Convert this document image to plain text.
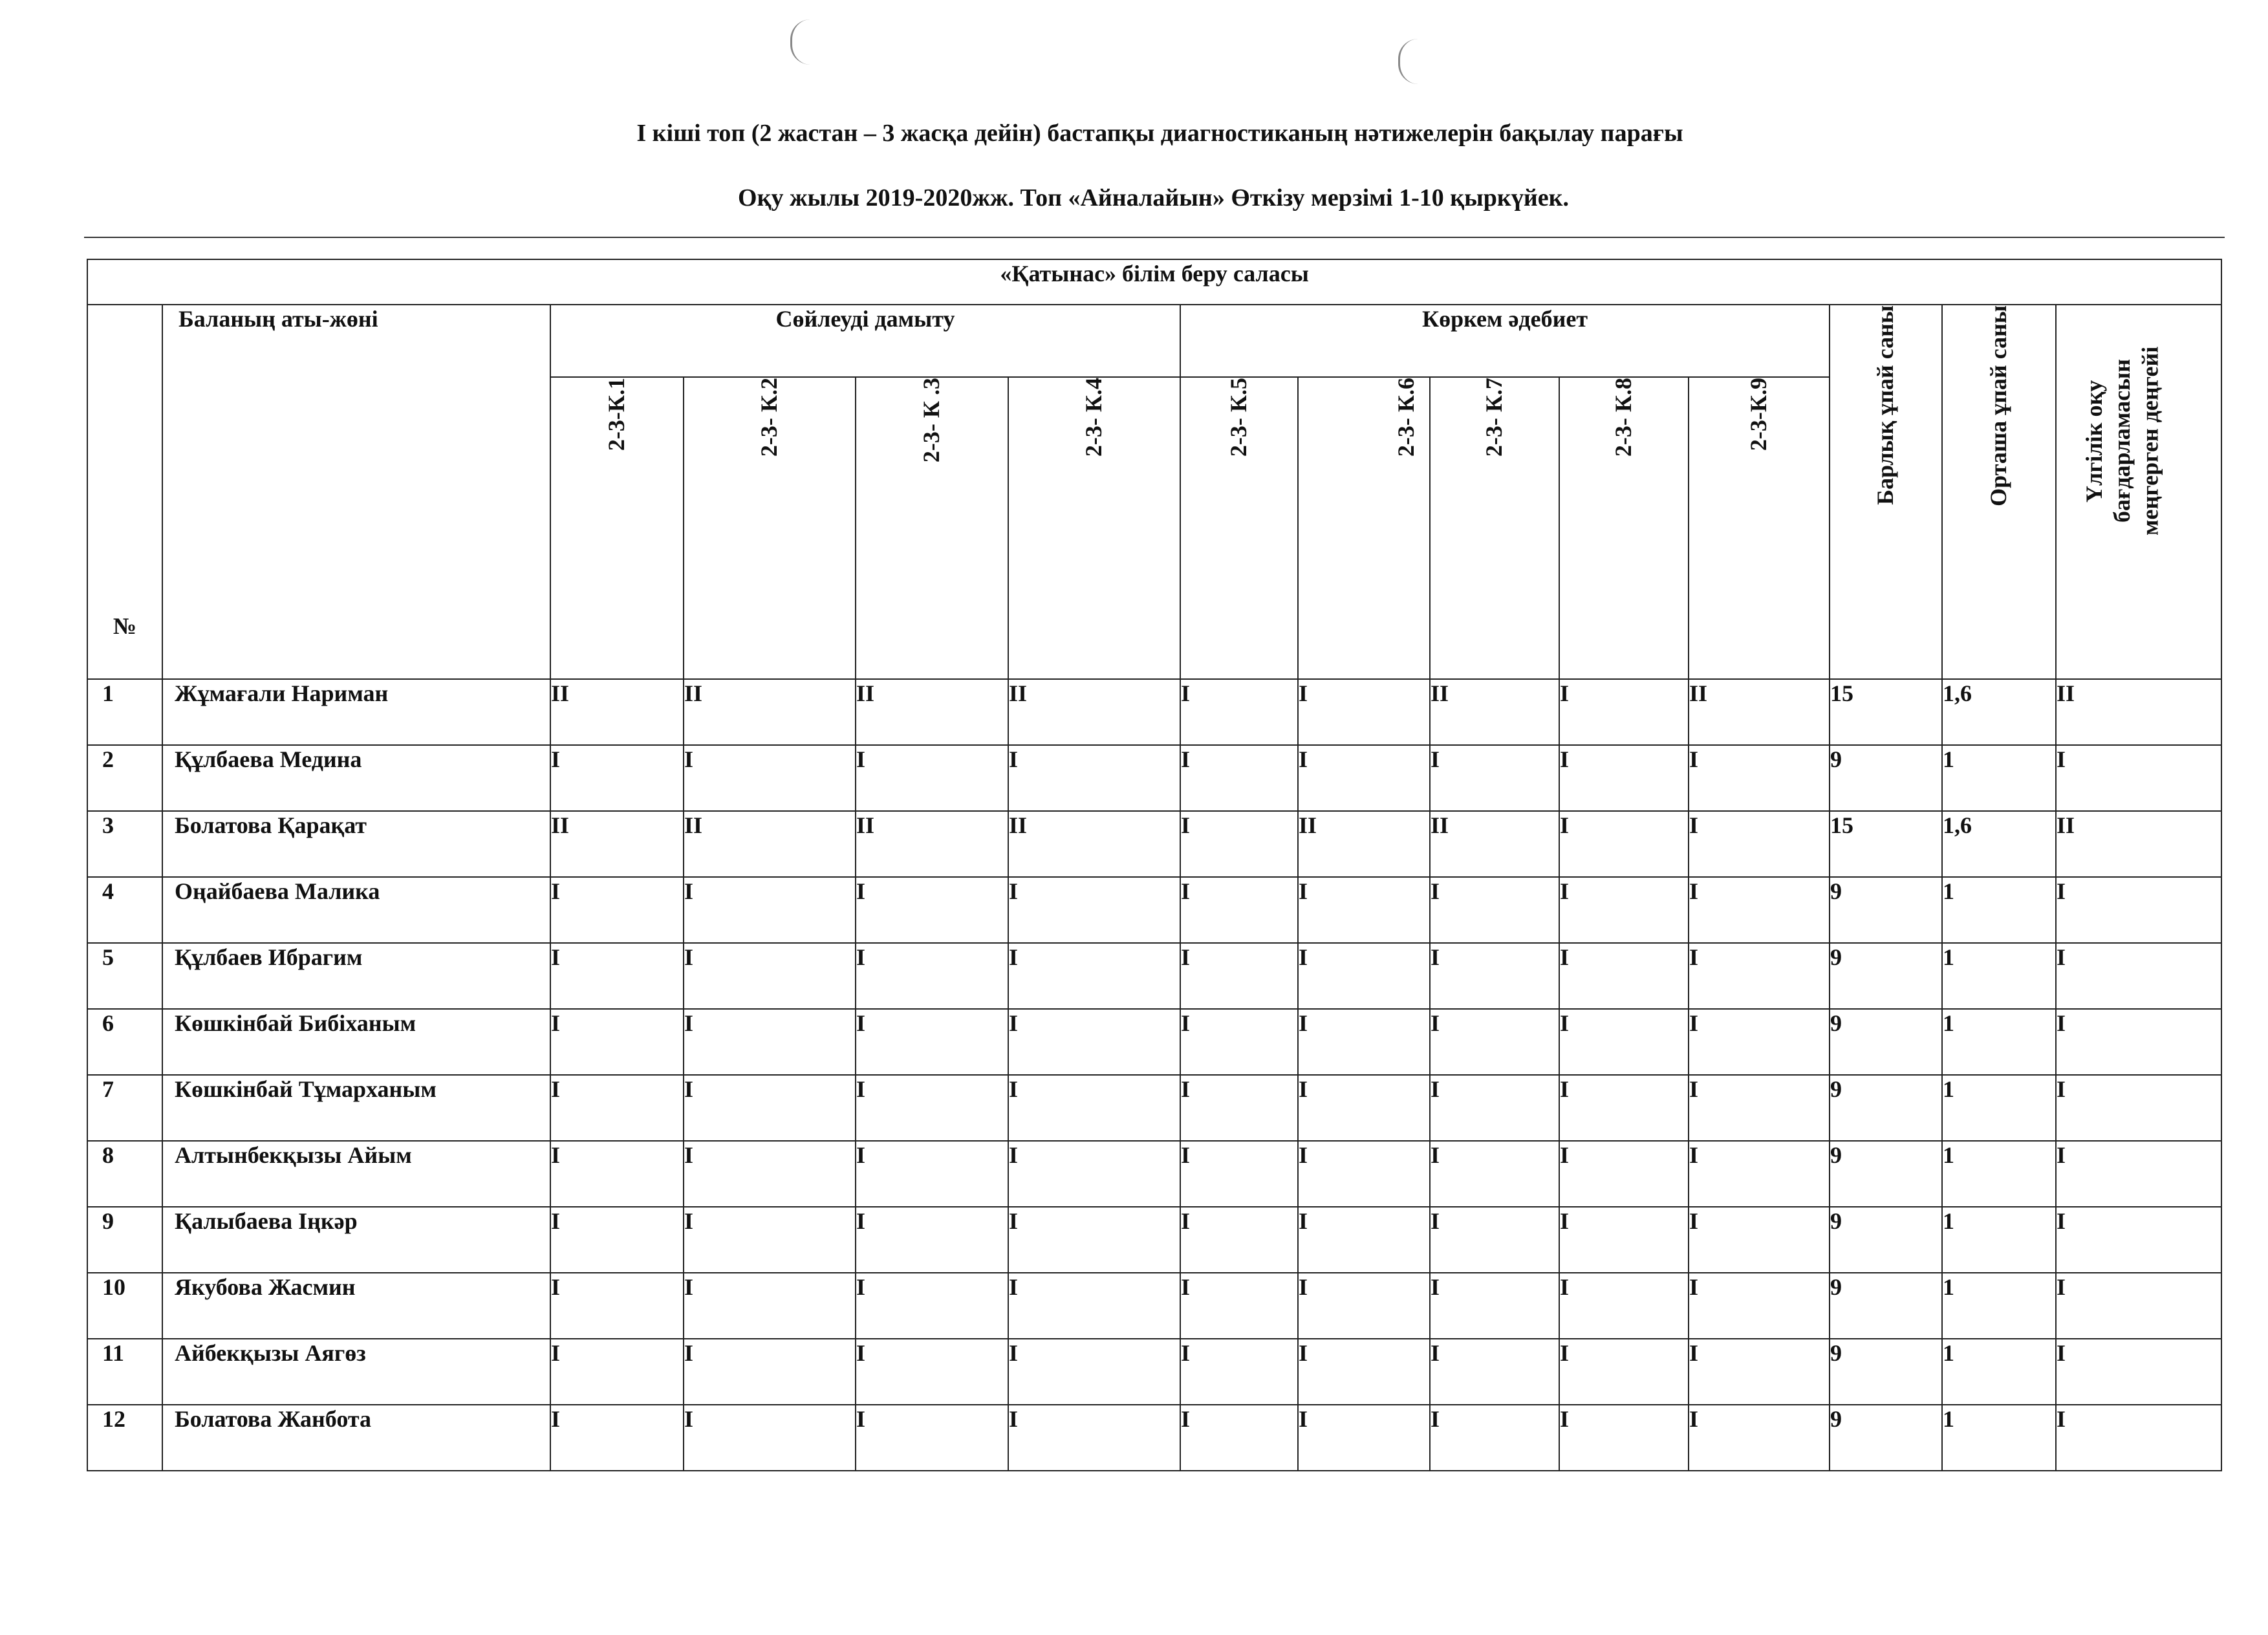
І кіші топ (2 жастан – 3 жасқа дейін) бастапқы диагностиканың нәтижелерін бақылау парағы
Оқу жылы 2019-2020жж. Топ «Айналайын» Өткізу мерзімі 1-10 қыркүйек.
«Қатынас» білім беру саласы													
№	Баланың аты-жөні	Сөйлеуді дамыту				Көркем әдебиет					Барлық ұпай саны	Орташа ұпай саны	Үлгілік оқу бағдарламасын меңгерген деңгейі
		2-3-К.1	2-3- К.2	2-3- К .3	2-3- К.4	2-3- К.5	2-3- К.6	2-3- К.7	2-3- К.8	2-3-К.9			
1	Жұмағали Нариман	II	II	II	II	I	I	II	I	II	15	1,6	II
2	Құлбаева Медина	I	I	I	I	I	I	I	I	I	9	1	I
3	Болатова Қарақат	II	II	II	II	I	II	II	I	I	15	1,6	II
4	Оңайбаева Малика	I	I	I	I	I	I	I	I	I	9	1	I
5	Құлбаев Ибрагим	I	I	I	I	I	I	I	I	I	9	1	I
6	Көшкінбай Бибіханым	I	I	I	I	I	I	I	I	I	9	1	I
7	Көшкінбай Тұмарханым	I	I	I	I	I	I	I	I	I	9	1	I
8	Алтынбекқызы Айым	I	I	I	I	I	I	I	I	I	9	1	I
9	Қалыбаева Іңкәр	I	I	I	I	I	I	I	I	I	9	1	I
10	Якубова Жасмин	I	I	I	I	I	I	I	I	I	9	1	I
11	Айбекқызы Аягөз	I	I	I	I	I	I	I	I	I	9	1	I
12	Болатова Жанбота	I	I	I	I	I	I	I	I	I	9	1	I
